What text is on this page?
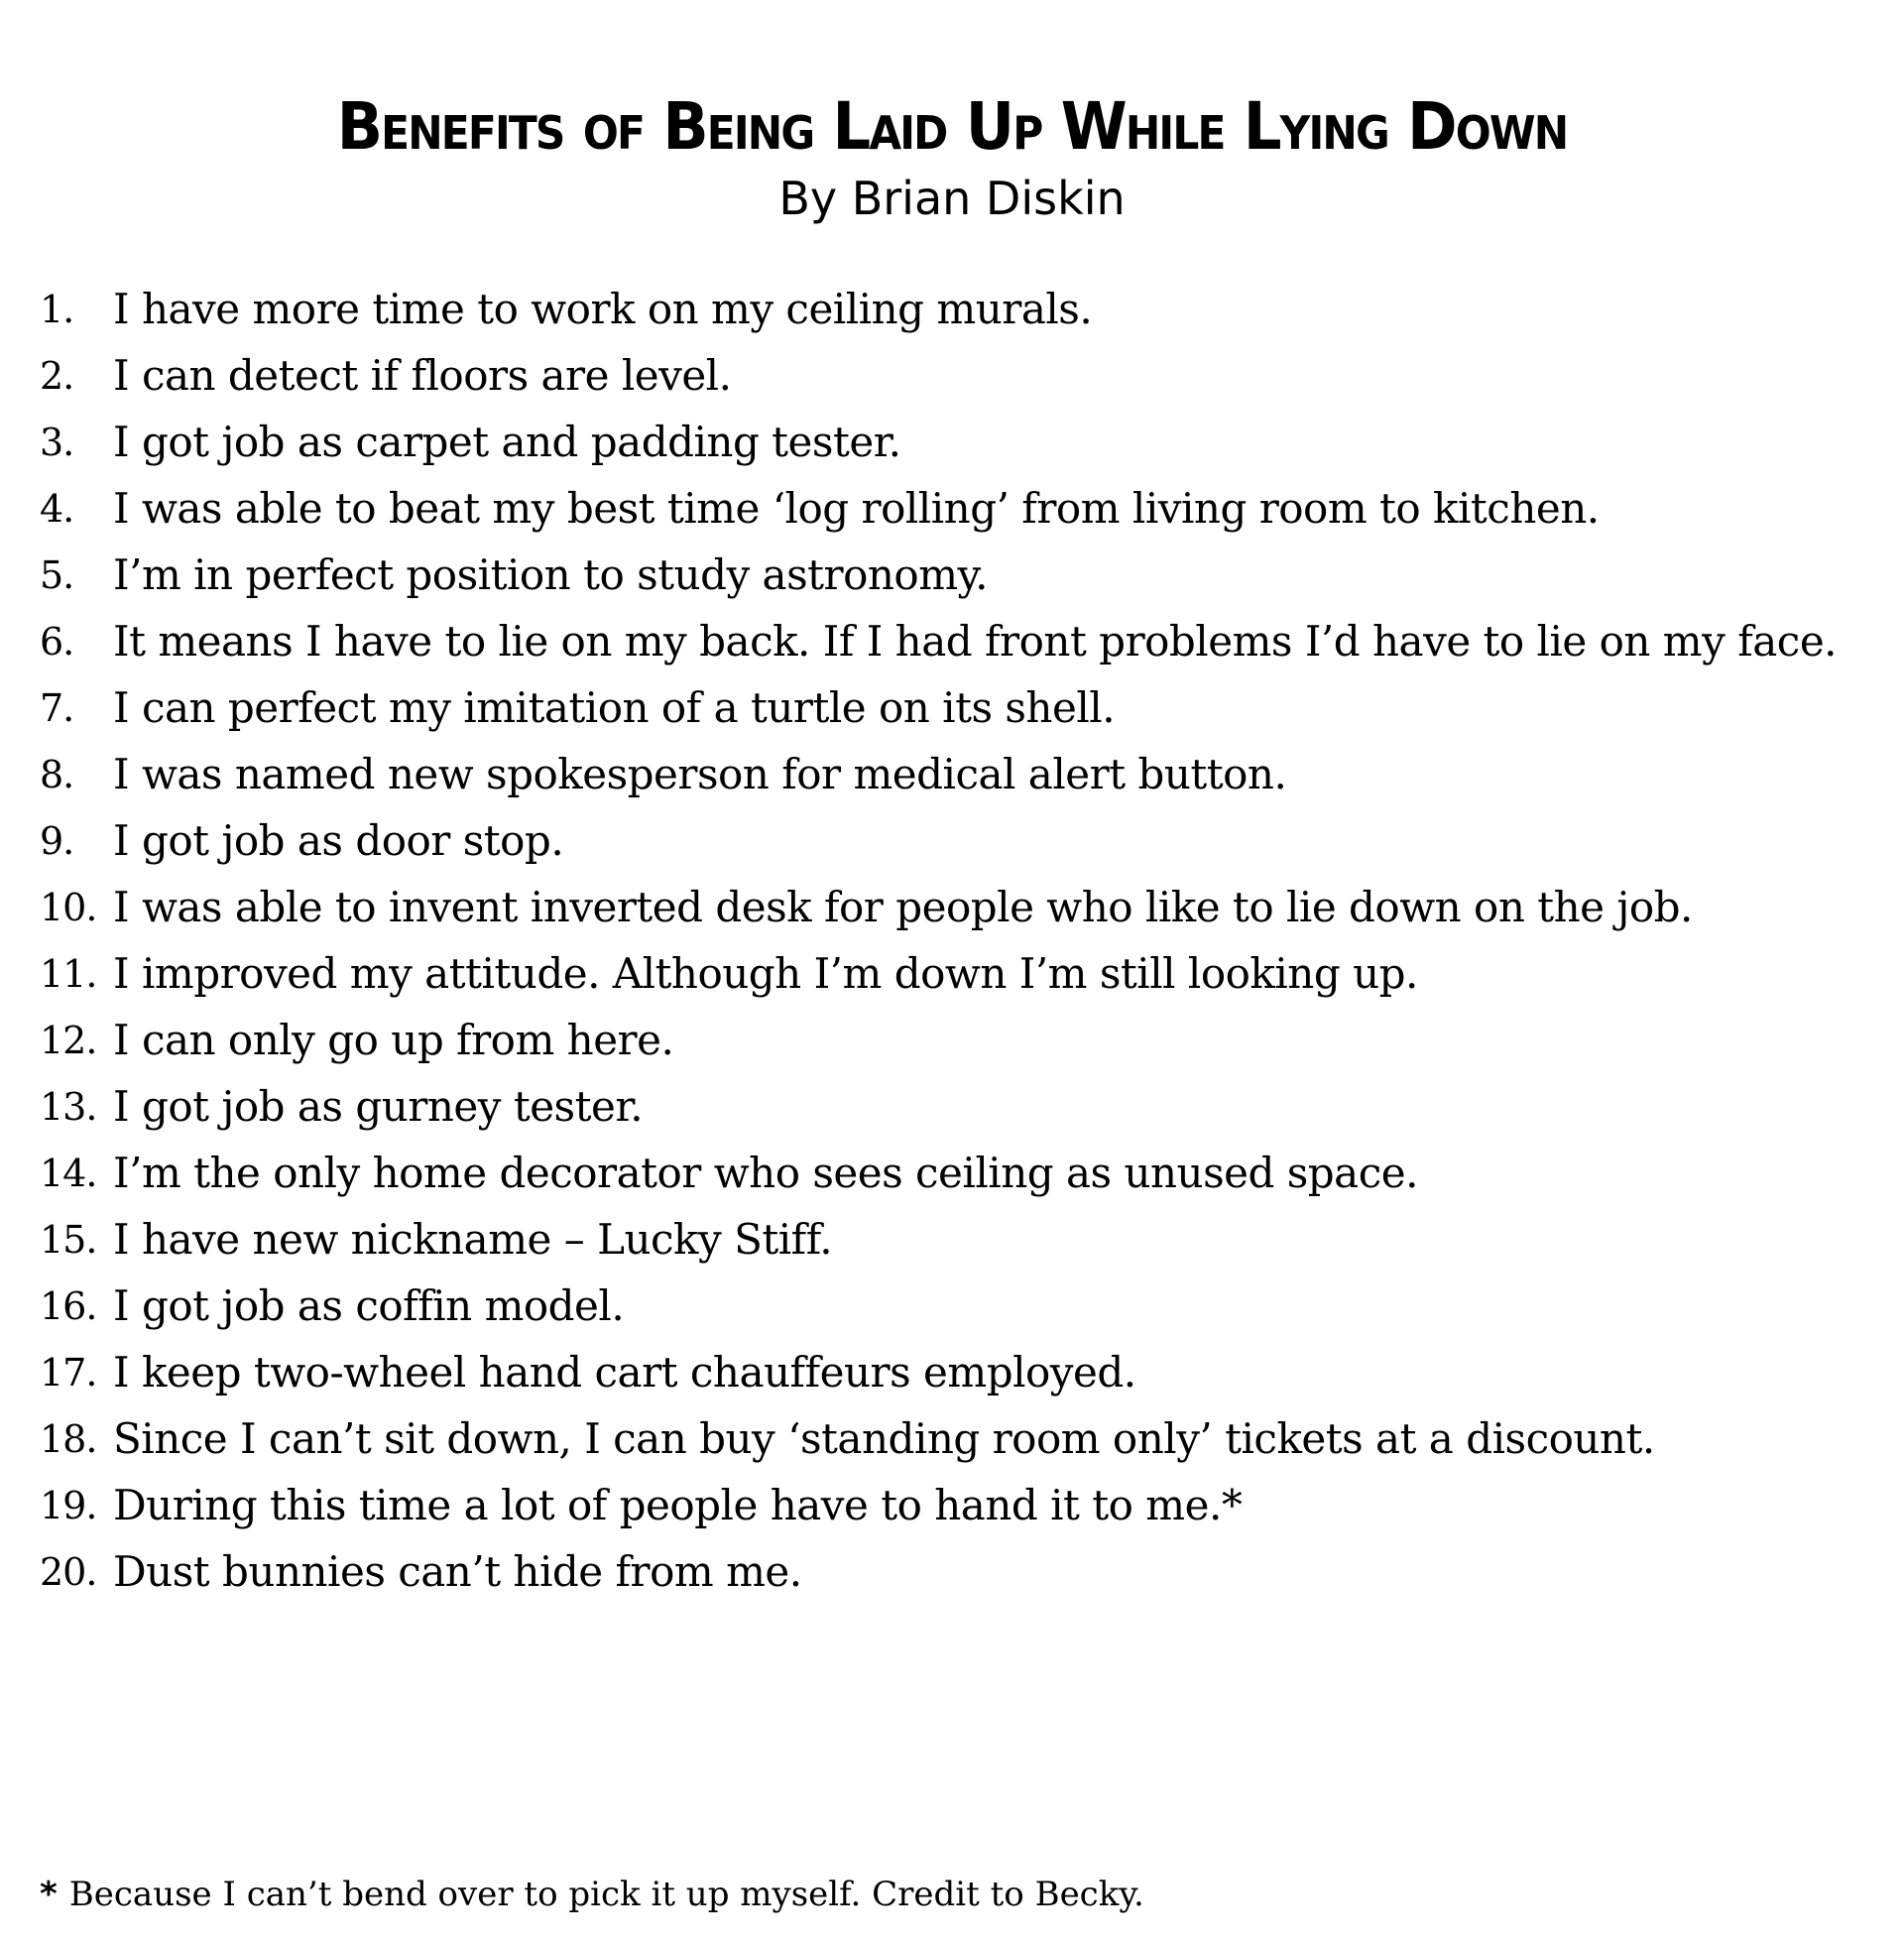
Benefits of Being Laid Up While Lying Down
By Brian Diskin
1. I have more time to work on my ceiling murals.
2. I can detect if floors are level.
3. I got job as carpet and padding tester.
4. I was able to beat my best time ‘log rolling’ from living room to kitchen.
5. I’m in perfect position to study astronomy.
6. It means I have to lie on my back. If I had front problems I’d have to lie on my face.
7. I can perfect my imitation of a turtle on its shell.
8. I was named new spokesperson for medical alert button.
9. I got job as door stop.
10. I was able to invent inverted desk for people who like to lie down on the job.
11. I improved my attitude. Although I’m down I’m still looking up.
12. I can only go up from here.
13. I got job as gurney tester.
14. I’m the only home decorator who sees ceiling as unused space.
15. I have new nickname – Lucky Stiff.
16. I got job as coffin model.
17. I keep two-wheel hand cart chauffeurs employed.
18. Since I can’t sit down, I can buy ‘standing room only’ tickets at a discount.
19. During this time a lot of people have to hand it to me.*
20. Dust bunnies can’t hide from me.
* Because I can’t bend over to pick it up myself. Credit to Becky.
